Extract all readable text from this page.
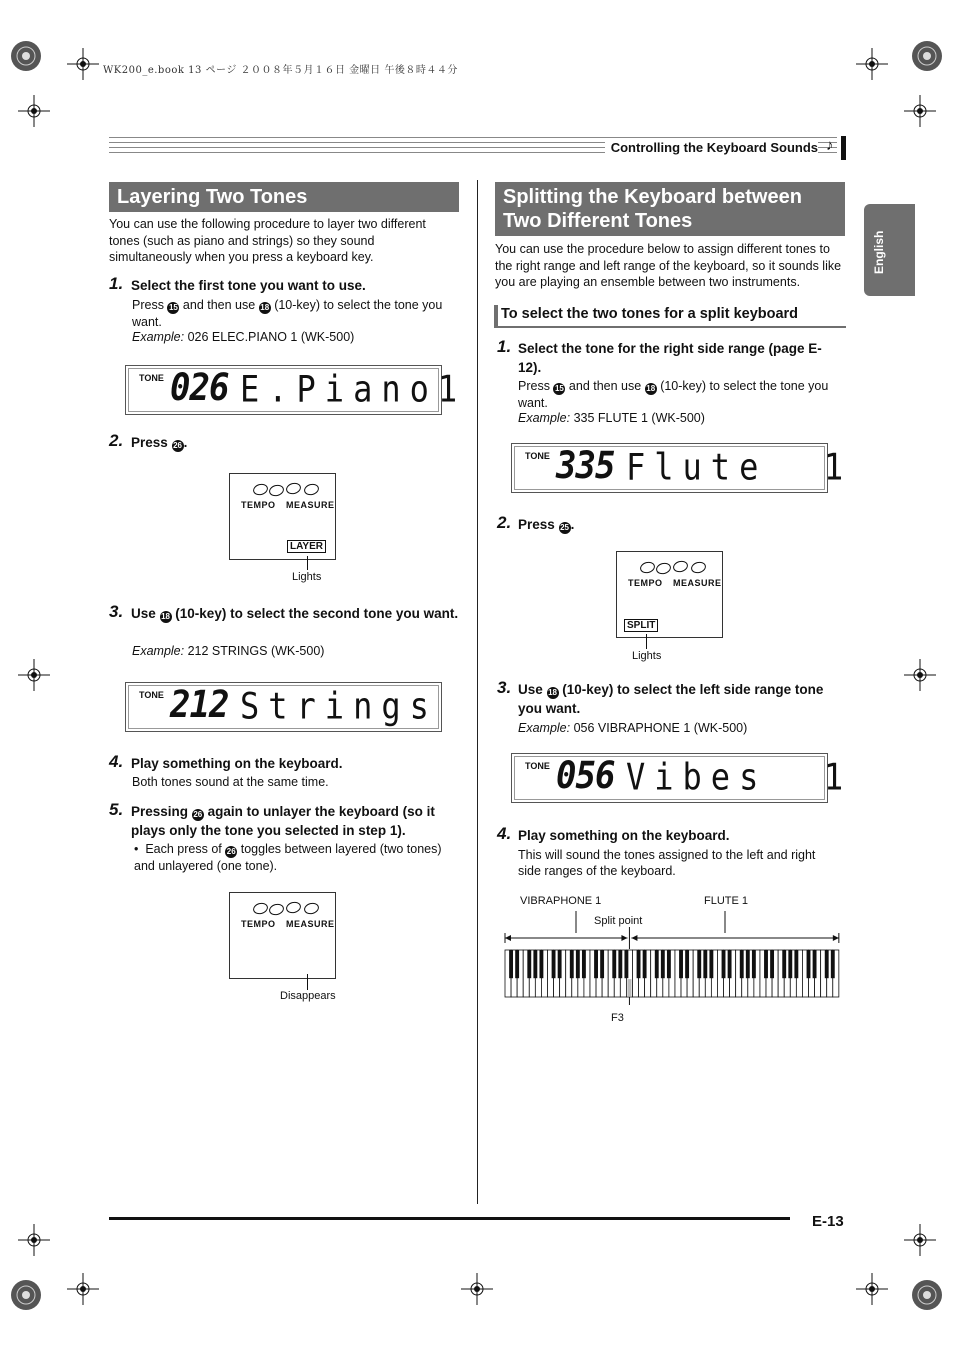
WK200_e.book 13 ページ ２００８年５月１６日 金曜日 午後８時４４分
Controlling the Keyboard Sounds ♪
English
Layering Two Tones
You can use the following procedure to layer two different tones (such as piano and strings) so they sound simultaneously when you press a keyboard key.
1. Select the first tone you want to use.
Press 15 and then use 18 (10-key) to select the tone you want.
Example: 026 ELEC.PIANO 1 (WK-500)
TONE 026 E.Piano1
2. Press 26 .
TEMPO MEASURE
LAYER
Lights
3. Use 18 (10-key) to select the second tone you want.
Example: 212 STRINGS (WK-500)
TONE 212 Strings
4. Play something on the keyboard.
Both tones sound at the same time.
5. Pressing 26 again to unlayer the keyboard (so it plays only the tone you selected in step 1).
•  Each press of 26 toggles between layered (two tones) and unlayered (one tone).
TEMPO MEASURE
Disappears
Splitting the Keyboard between
Two Different Tones
You can use the procedure below to assign different tones to the right range and left range of the keyboard, so it sounds like you are playing an ensemble between two instruments.
To select the two tones for a split keyboard
1. Select the tone for the right side range (page E-12).
Press 15 and then use 18 (10-key) to select the tone you want.
Example: 335 FLUTE 1 (WK-500)
TONE 335 Flute  1
2. Press 25 .
TEMPO MEASURE
SPLIT
Lights
3. Use 18 (10-key) to select the left side range tone you want.
Example: 056 VIBRAPHONE 1 (WK-500)
TONE 056 Vibes  1
4. Play something on the keyboard.
This will sound the tones assigned to the left and right side ranges of the keyboard.
VIBRAPHONE 1	FLUTE 1
Split point
F3
E-13
